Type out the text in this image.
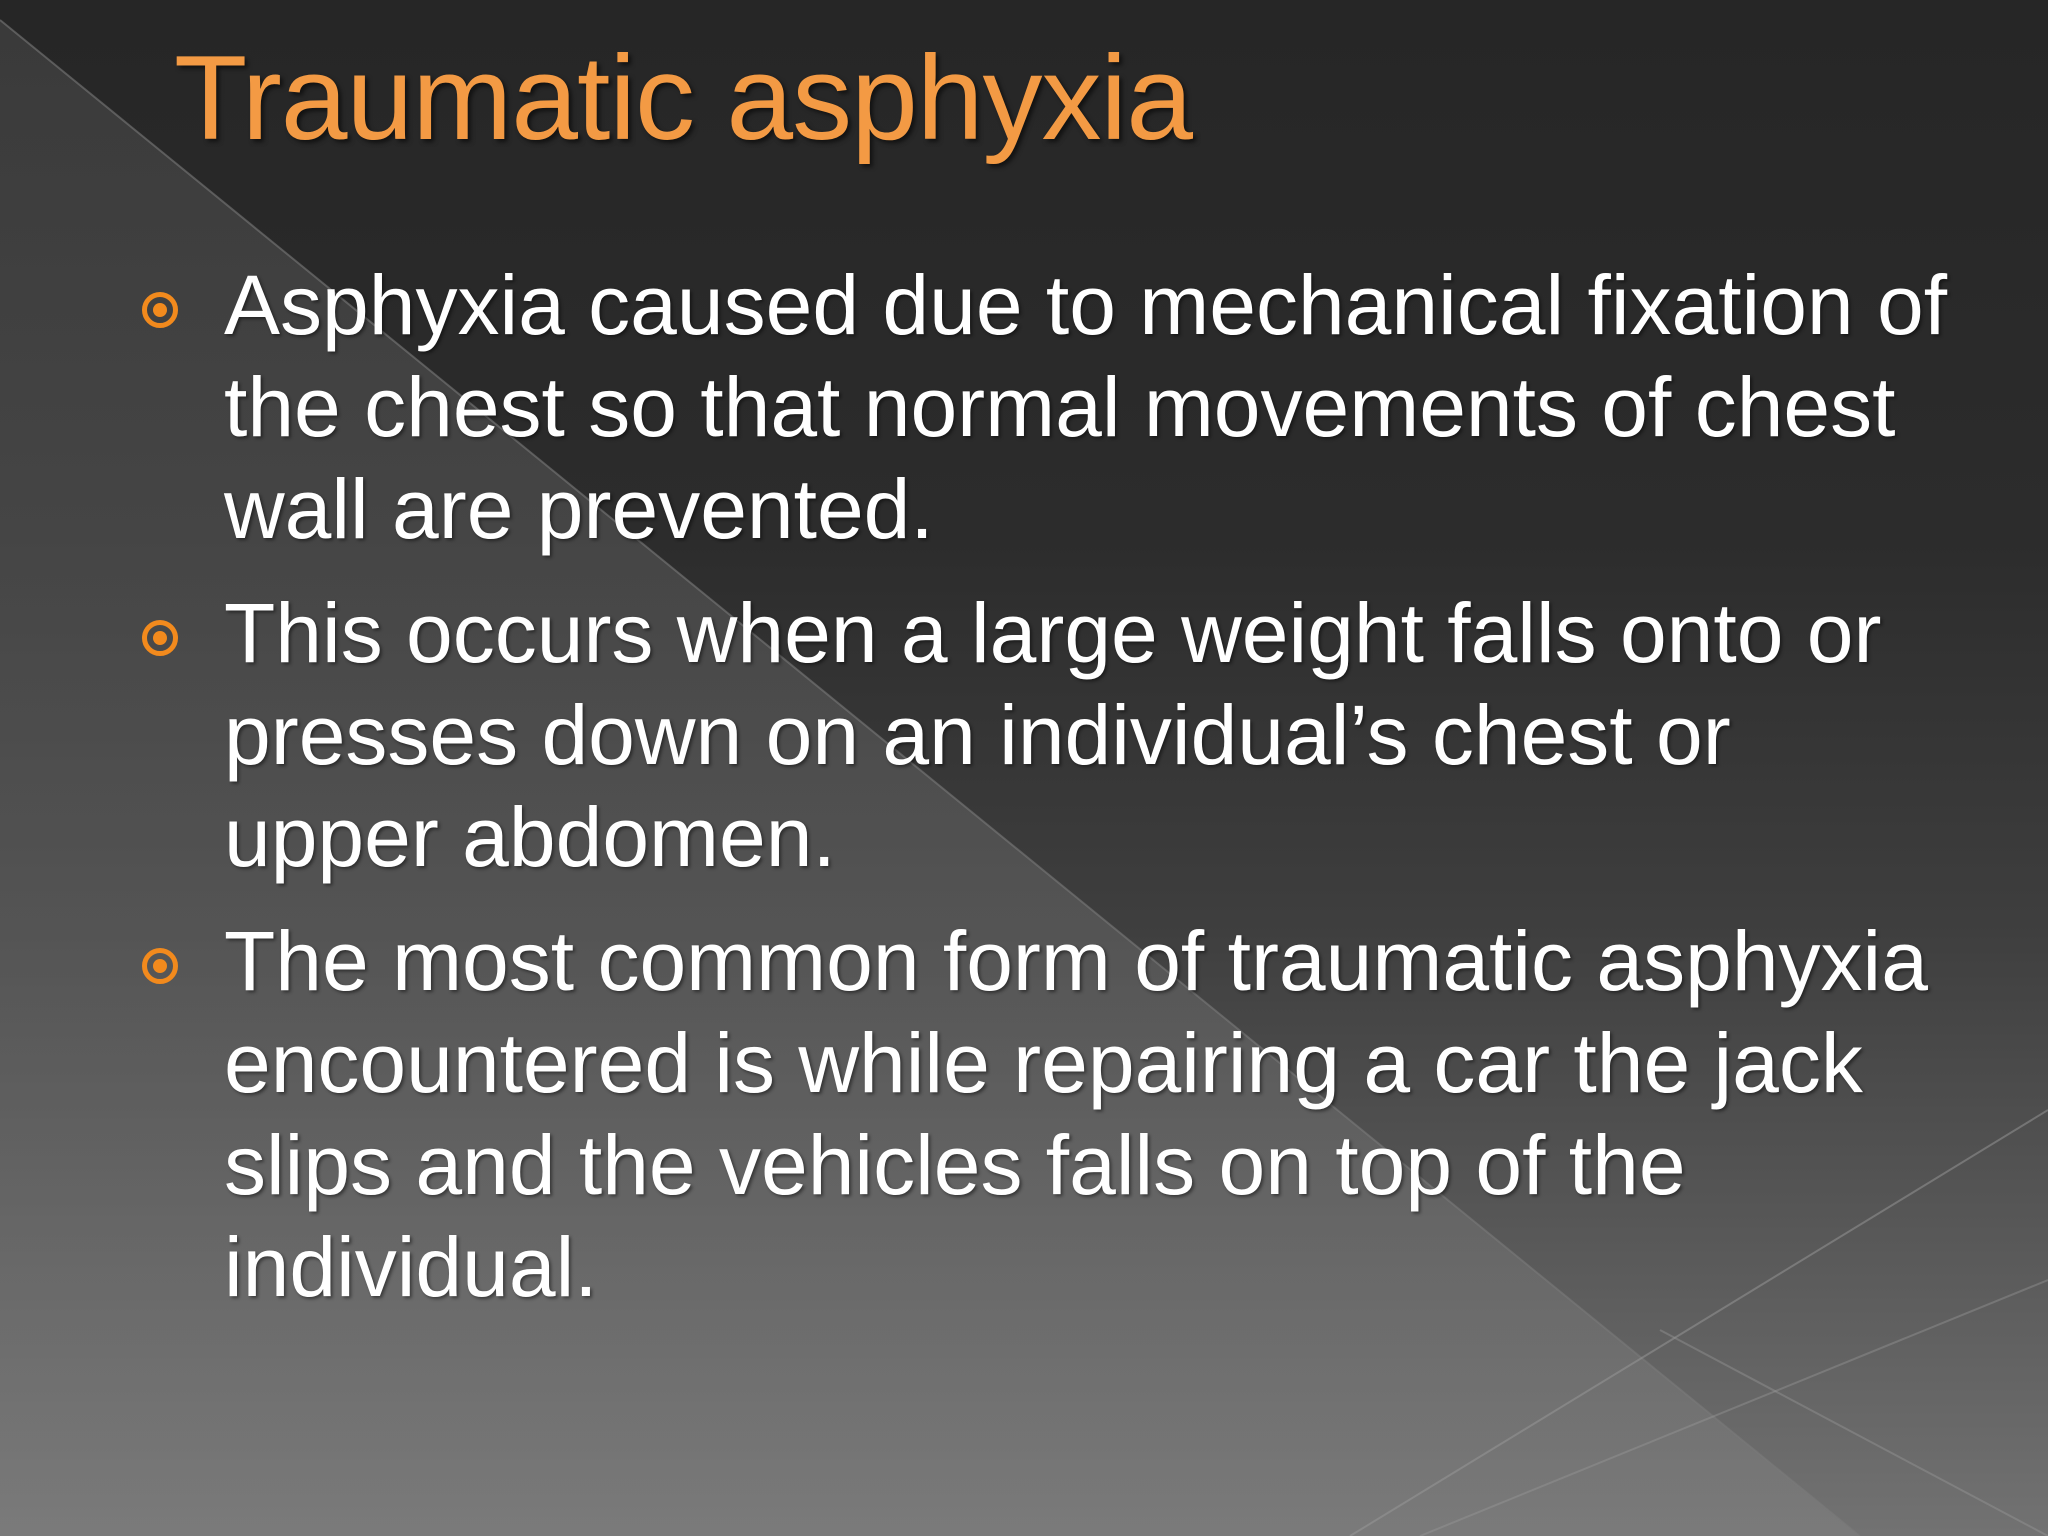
Traumatic asphyxia
Asphyxia caused due to mechanical fixation of the chest so that normal movements of chest wall are prevented.
This occurs when a large weight falls onto or presses down on an individual’s chest or upper abdomen.
The most common form of traumatic asphyxia encountered is while repairing a car the jack slips and the vehicles falls on top of the individual.
